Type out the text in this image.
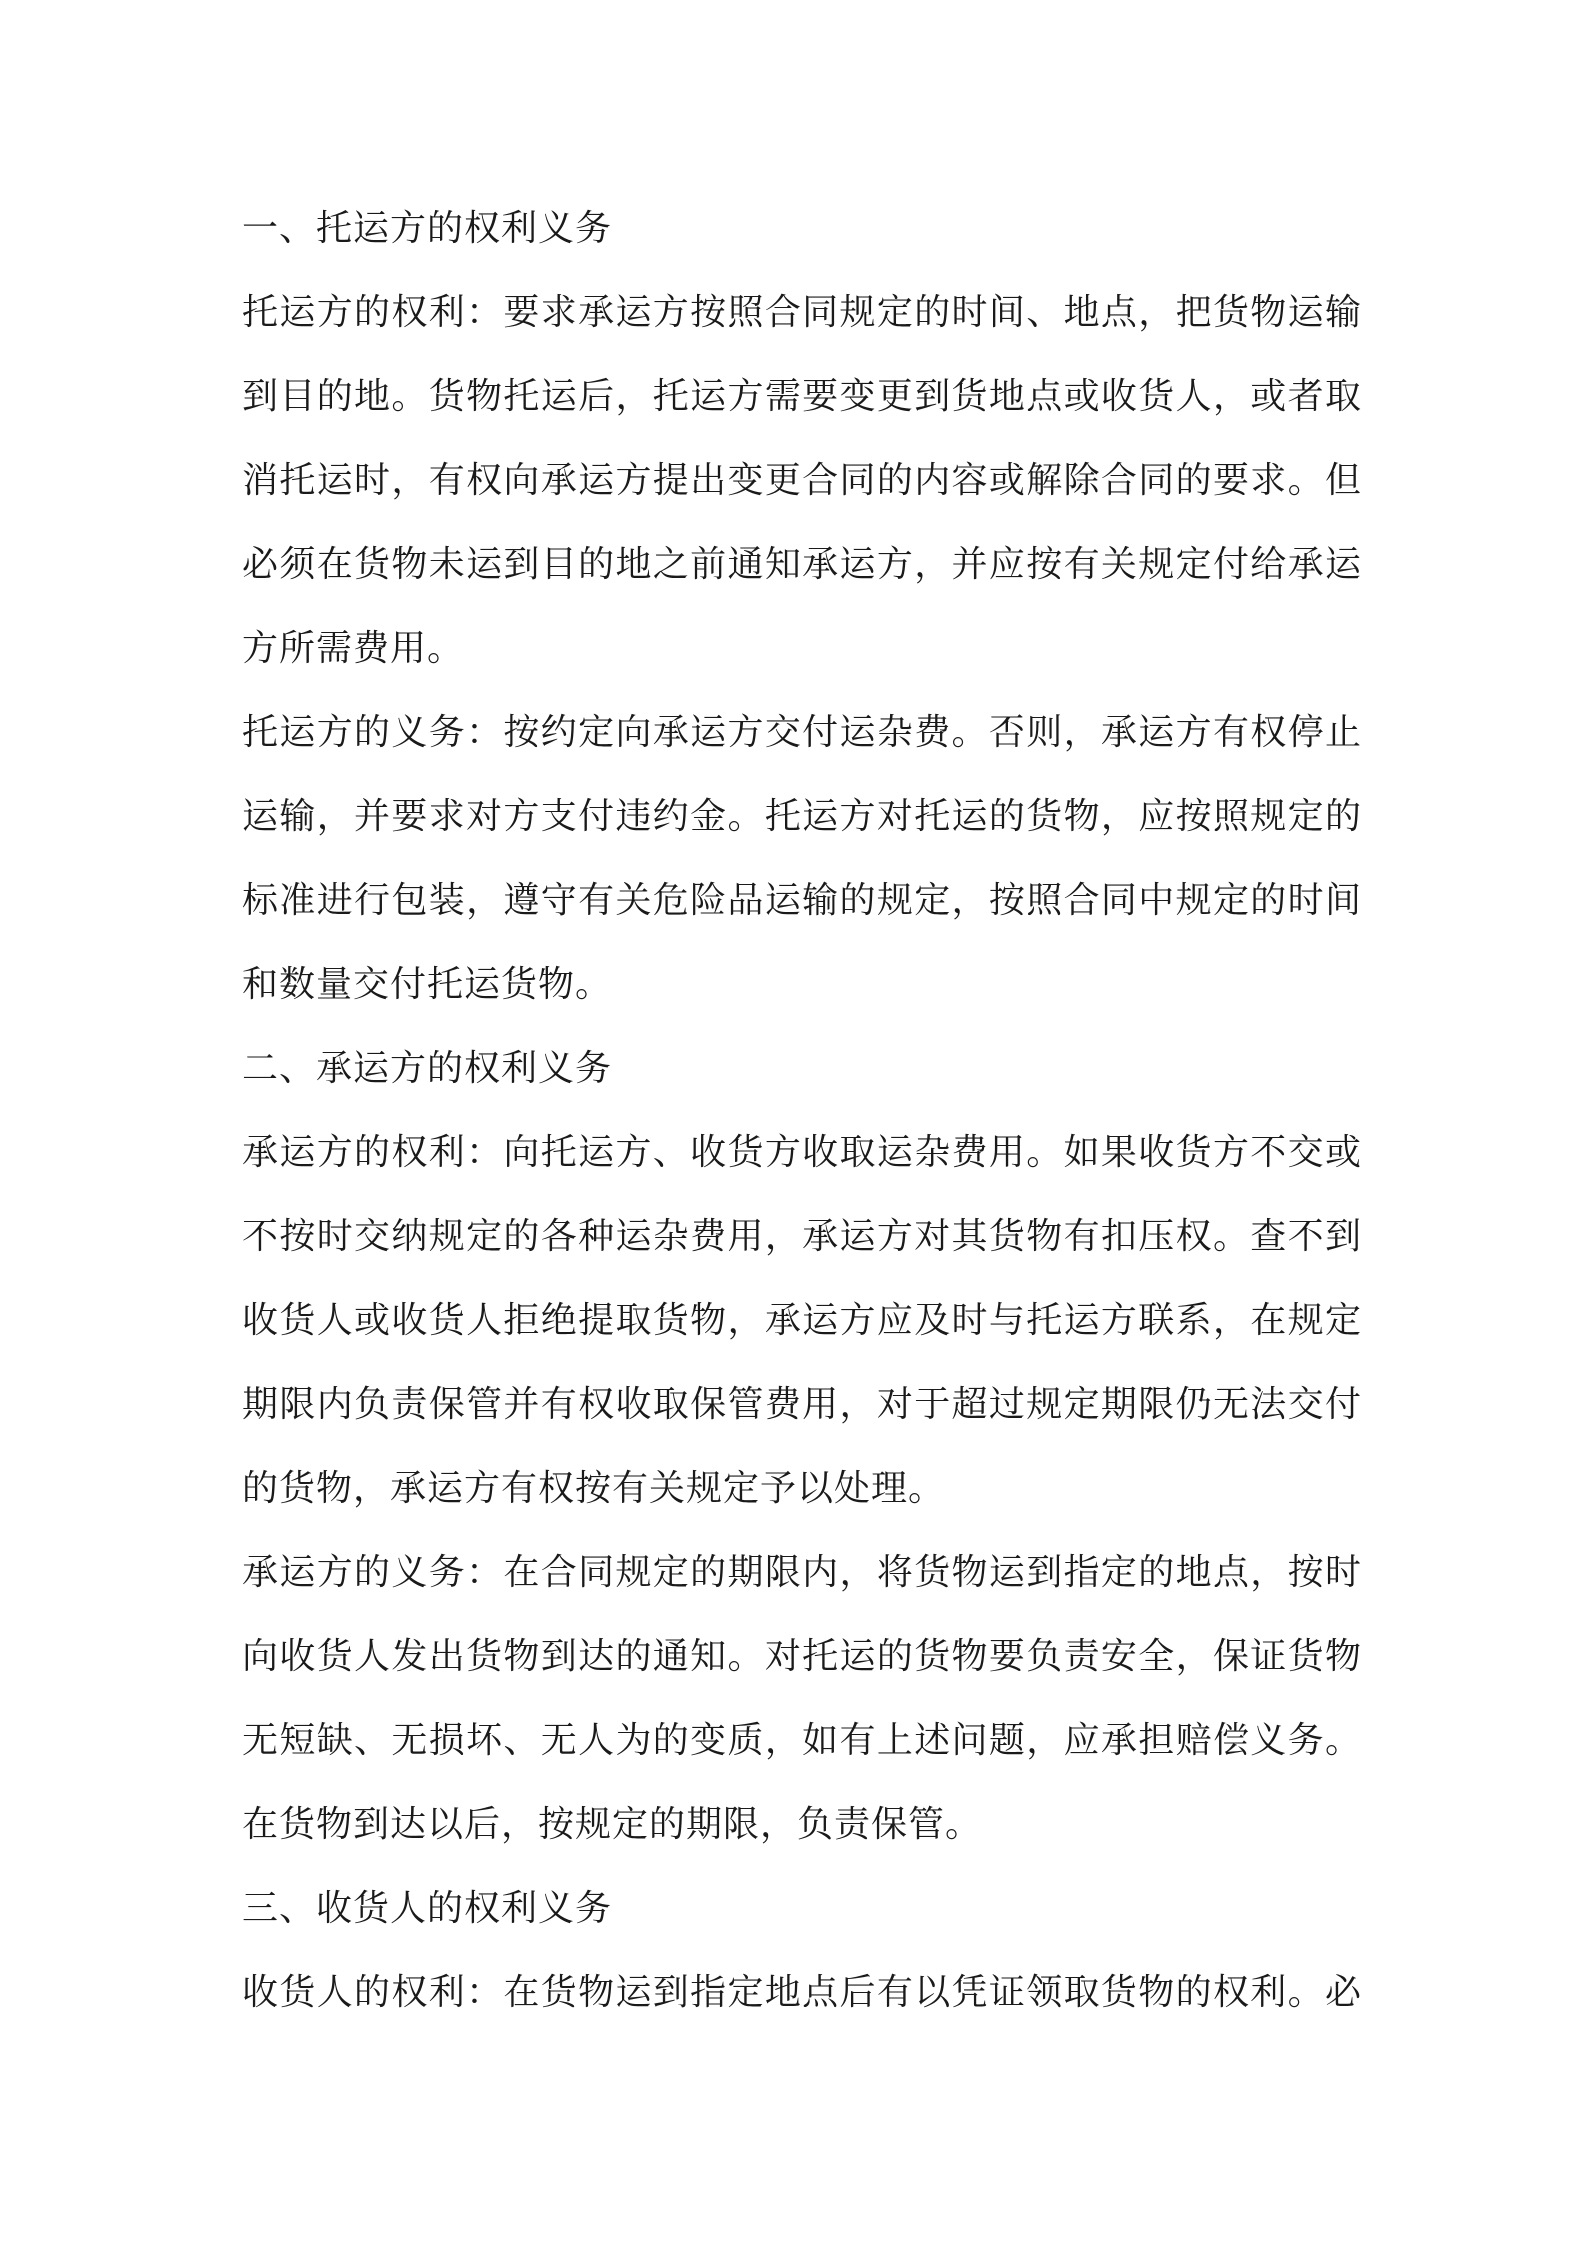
一、托运方的权利义务
托运方的权利：要求承运方按照合同规定的时间、地点，把货物运输
到目的地。货物托运后，托运方需要变更到货地点或收货人，或者取
消托运时，有权向承运方提出变更合同的内容或解除合同的要求。但
必须在货物未运到目的地之前通知承运方，并应按有关规定付给承运
方所需费用。
托运方的义务：按约定向承运方交付运杂费。否则，承运方有权停止
运输，并要求对方支付违约金。托运方对托运的货物，应按照规定的
标准进行包装，遵守有关危险品运输的规定，按照合同中规定的时间
和数量交付托运货物。
二、承运方的权利义务
承运方的权利：向托运方、收货方收取运杂费用。如果收货方不交或
不按时交纳规定的各种运杂费用，承运方对其货物有扣压权。查不到
收货人或收货人拒绝提取货物，承运方应及时与托运方联系，在规定
期限内负责保管并有权收取保管费用，对于超过规定期限仍无法交付
的货物，承运方有权按有关规定予以处理。
承运方的义务：在合同规定的期限内，将货物运到指定的地点，按时
向收货人发出货物到达的通知。对托运的货物要负责安全，保证货物
无短缺、无损坏、无人为的变质，如有上述问题，应承担赔偿义务。
在货物到达以后，按规定的期限，负责保管。
三、收货人的权利义务
收货人的权利：在货物运到指定地点后有以凭证领取货物的权利。必
